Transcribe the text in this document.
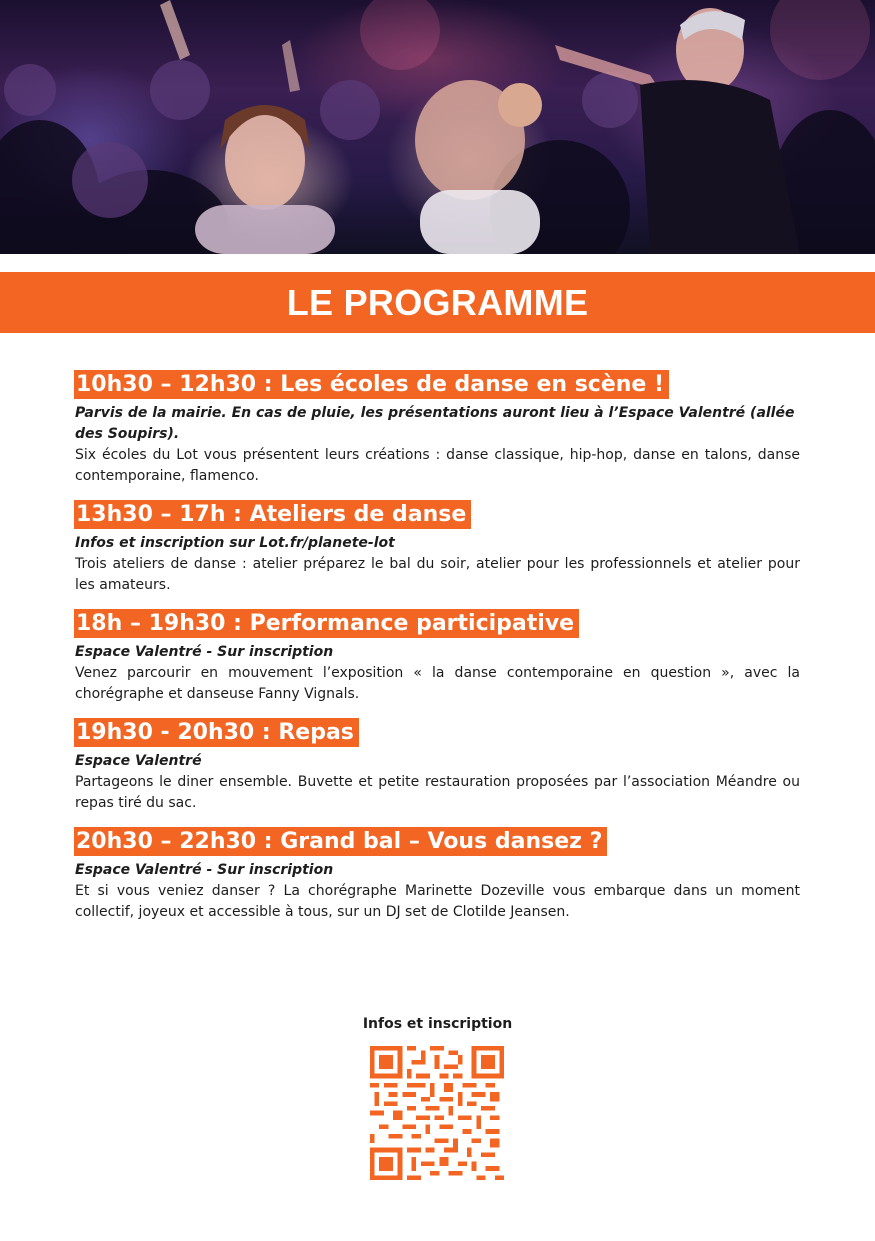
LE PROGRAMME
10h30 – 12h30 : Les écoles de danse en scène !
Parvis de la mairie. En cas de pluie, les présentations auront lieu à l’Espace Valentré (allée des Soupirs).
Six écoles du Lot vous présentent leurs créations : danse classique, hip-hop, danse en talons, danse contemporaine, flamenco.
13h30 – 17h : Ateliers de danse
Infos et inscription sur Lot.fr/planete-lot
Trois ateliers de danse : atelier préparez le bal du soir, atelier pour les professionnels et atelier pour les amateurs.
18h – 19h30 : Performance participative
Espace Valentré - Sur inscription
Venez parcourir en mouvement l’exposition « la danse contemporaine en question », avec la chorégraphe et danseuse Fanny Vignals.
19h30 - 20h30 : Repas
Espace Valentré
Partageons le diner ensemble. Buvette et petite restauration proposées par l’association Méandre ou repas tiré du sac.
20h30 – 22h30 : Grand bal – Vous dansez ?
Espace Valentré - Sur inscription
Et si vous veniez danser ? La chorégraphe Marinette Dozeville vous embarque dans un moment collectif, joyeux et accessible à tous, sur un DJ set de Clotilde Jeansen.
Infos et inscription
